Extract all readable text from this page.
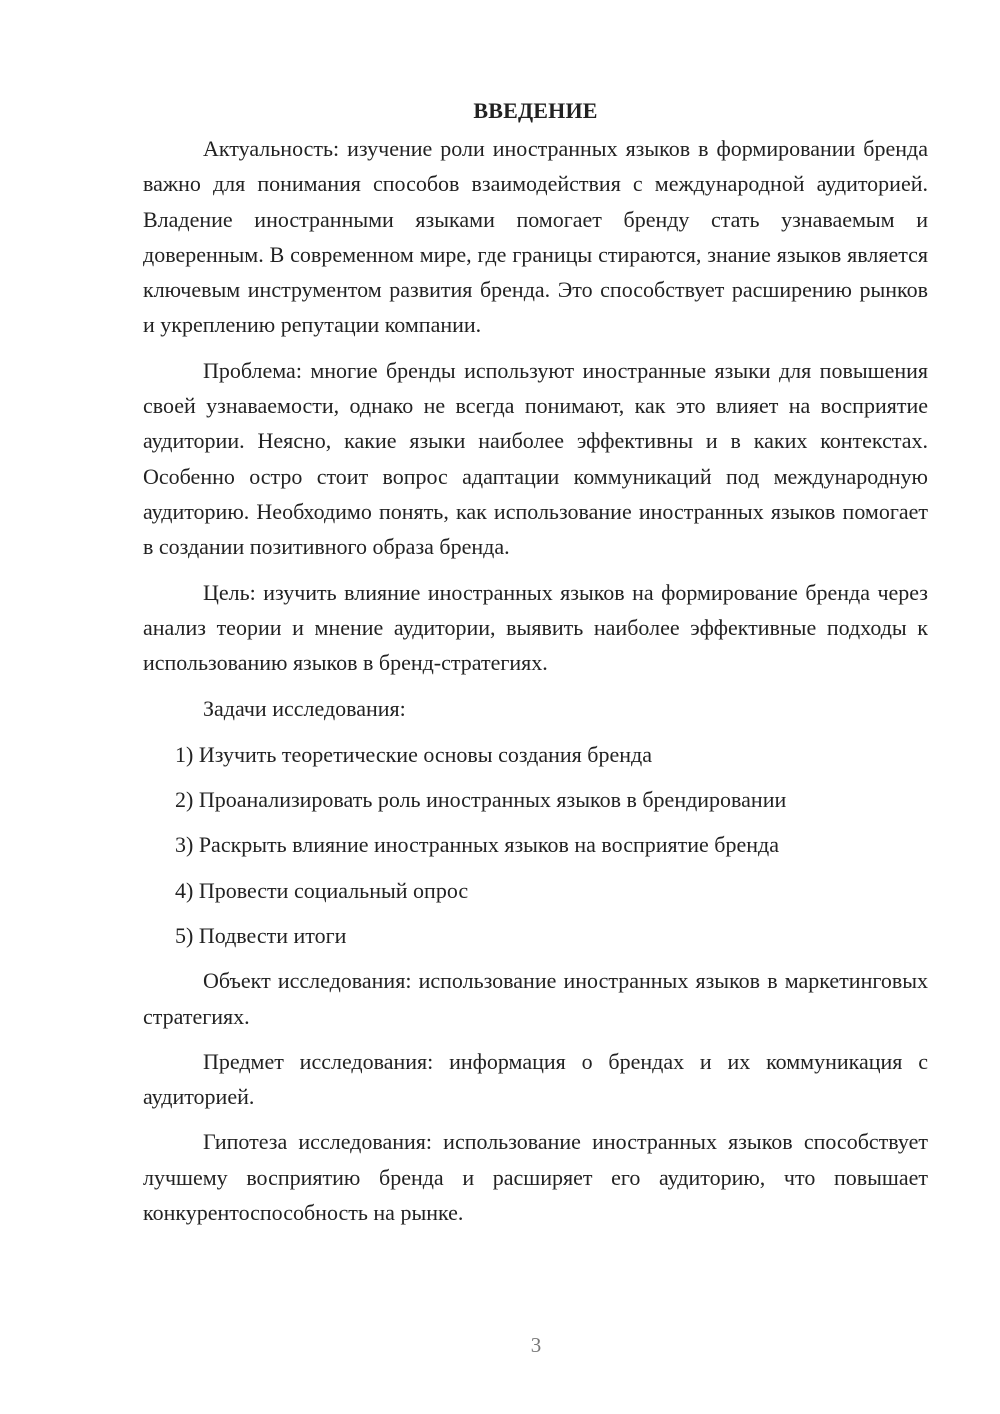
ВВЕДЕНИЕ

Актуальность: изучение роли иностранных языков в формировании бренда важно для понимания способов взаимодействия с международной аудиторией. Владение иностранными языками помогает бренду стать узнаваемым и доверенным. В современном мире, где границы стираются, знание языков является ключевым инструментом развития бренда. Это способствует расширению рынков и укреплению репутации компании.

Проблема: многие бренды используют иностранные языки для повышения своей узнаваемости, однако не всегда понимают, как это влияет на восприятие аудитории. Неясно, какие языки наиболее эффективны и в каких контекстах. Особенно остро стоит вопрос адаптации коммуникаций под международную аудиторию. Необходимо понять, как использование иностранных языков помогает в создании позитивного образа бренда.

Цель: изучить влияние иностранных языков на формирование бренда через анализ теории и мнение аудитории, выявить наиболее эффективные подходы к использованию языков в бренд-стратегиях.

Задачи исследования:

1) Изучить теоретические основы создания бренда
2) Проанализировать роль иностранных языков в брендировании
3) Раскрыть влияние иностранных языков на восприятие бренда
4) Провести социальный опрос
5) Подвести итоги

Объект исследования: использование иностранных языков в маркетинговых стратегиях.

Предмет исследования: информация о брендах и их коммуникация с аудиторией.

Гипотеза исследования: использование иностранных языков способствует лучшему восприятию бренда и расширяет его аудиторию, что повышает конкурентоспособность на рынке.

3
